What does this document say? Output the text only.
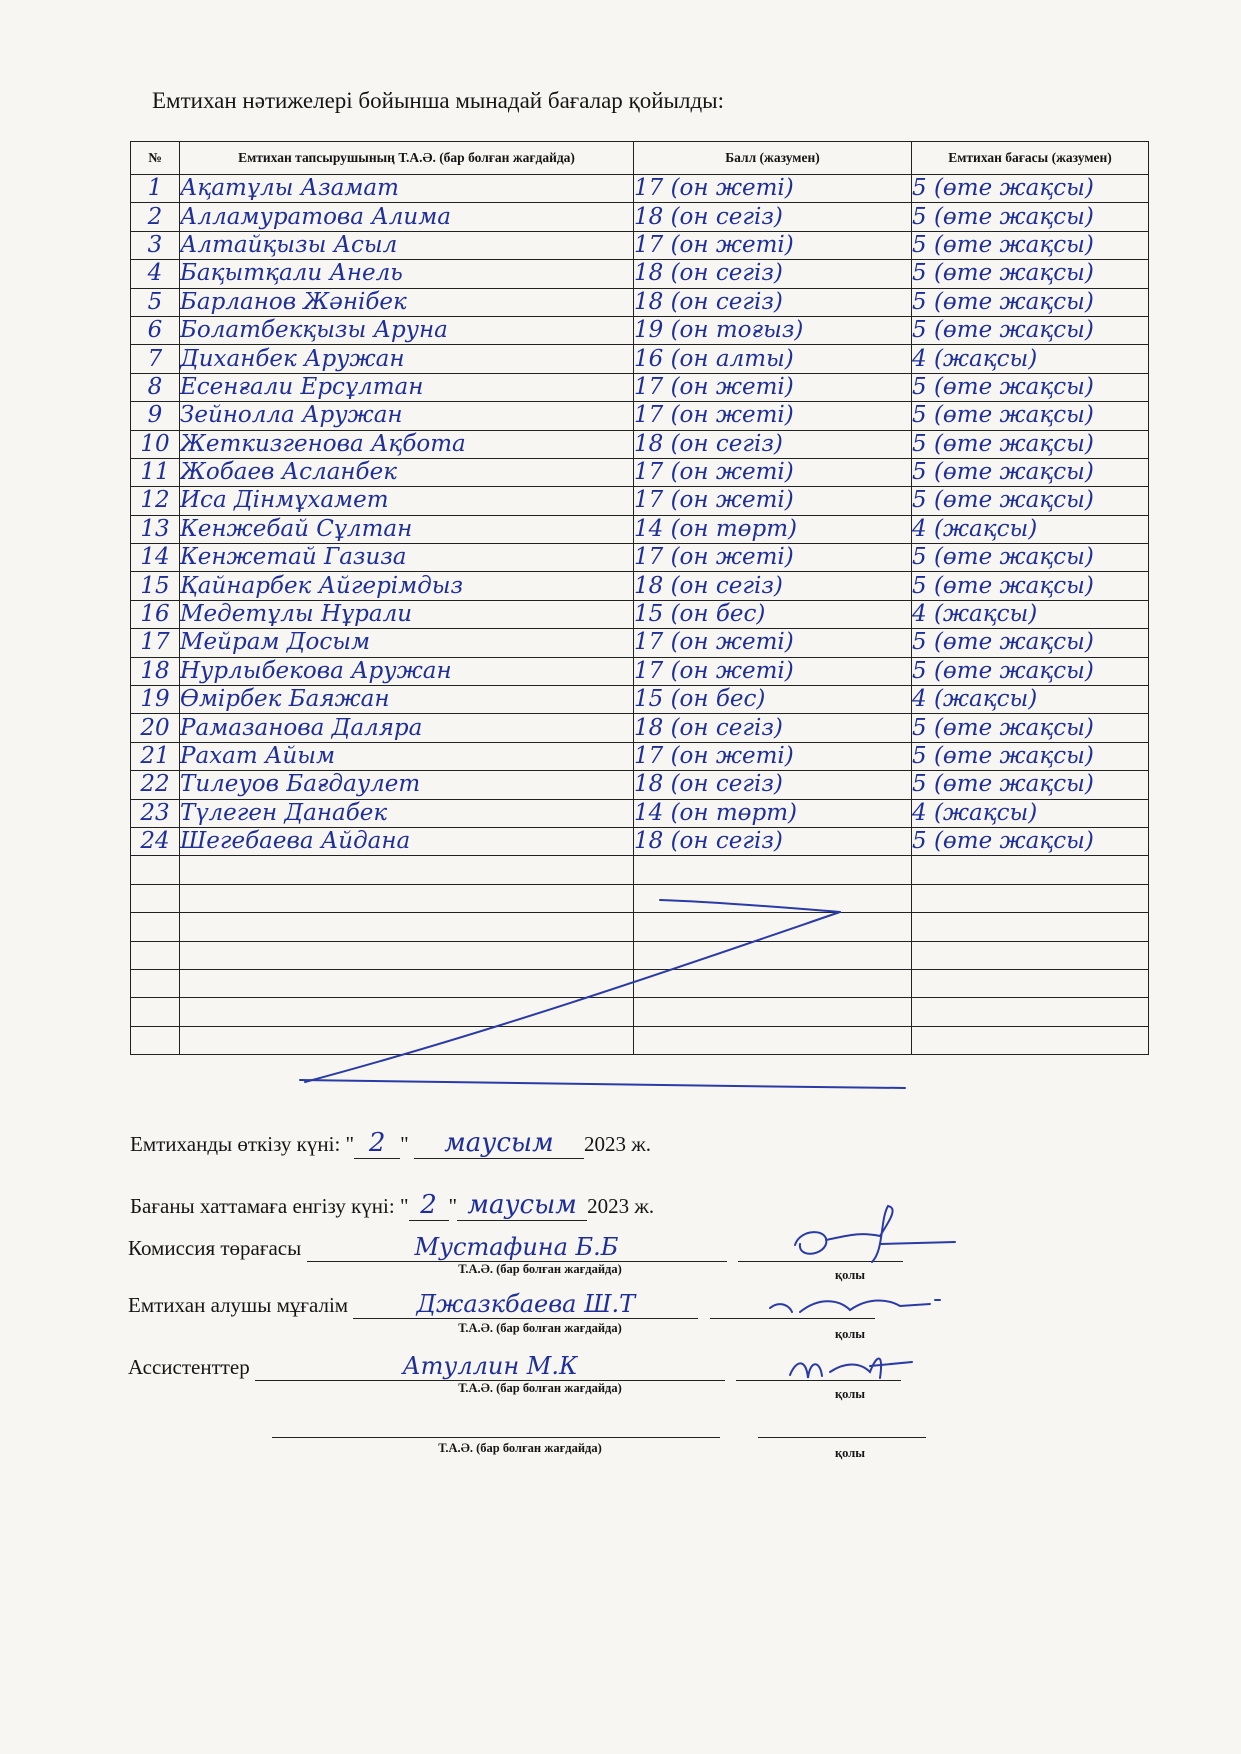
Емтихан нәтижелері бойынша мынадай бағалар қойылды:
№	Емтихан тапсырушының Т.А.Ә. (бар болған жағдайда)	Балл (жазумен)	Емтихан бағасы (жазумен)
1	Ақатұлы Азамат	17 (он жеті)	5 (өте жақсы)
2	Алламуратова Алима	18 (он сегіз)	5 (өте жақсы)
3	Алтайқызы Асыл	17 (он жеті)	5 (өте жақсы)
4	Бақытқали Анель	18 (он сегіз)	5 (өте жақсы)
5	Барланов Жәнібек	18 (он сегіз)	5 (өте жақсы)
6	Болатбекқызы Аруна	19 (он тоғыз)	5 (өте жақсы)
7	Диханбек Аружан	16 (он алты)	4 (жақсы)
8	Есенғали Ерсұлтан	17 (он жеті)	5 (өте жақсы)
9	Зейнолла Аружан	17 (он жеті)	5 (өте жақсы)
10	Жеткизгенова Ақбота	18 (он сегіз)	5 (өте жақсы)
11	Жобаев Асланбек	17 (он жеті)	5 (өте жақсы)
12	Иса Дінмұхамет	17 (он жеті)	5 (өте жақсы)
13	Кенжебай Сұлтан	14 (он төрт)	4 (жақсы)
14	Кенжетай Газиза	17 (он жеті)	5 (өте жақсы)
15	Қайнарбек Айгерімдыз	18 (он сегіз)	5 (өте жақсы)
16	Медетұлы Нұрали	15 (он бес)	4 (жақсы)
17	Мейрам Досым	17 (он жеті)	5 (өте жақсы)
18	Нурлыбекова Аружан	17 (он жеті)	5 (өте жақсы)
19	Өмірбек Баяжан	15 (он бес)	4 (жақсы)
20	Рамазанова Даляра	18 (он сегіз)	5 (өте жақсы)
21	Рахат Айым	17 (он жеті)	5 (өте жақсы)
22	Тилеуов Бағдаулет	18 (он сегіз)	5 (өте жақсы)
23	Түлеген Данабек	14 (он төрт)	4 (жақсы)
24	Шегебаева Айдана	18 (он сегіз)	5 (өте жақсы)

Емтиханды өткізу күні: " 2 " маусым 2023 ж.
Бағаны хаттамаға енгізу күні: " 2 " маусым 2023 ж.
Комиссия төрағасы	Мустафина Б.Б
Т.А.Ә. (бар болған жағдайда)	қолы
Емтихан алушы мұғалім	Джазкбаева Ш.Т
Т.А.Ә. (бар болған жағдайда)	қолы
Ассистенттер	Атуллин М.К
Т.А.Ә. (бар болған жағдайда)	қолы
Т.А.Ә. (бар болған жағдайда)	қолы
